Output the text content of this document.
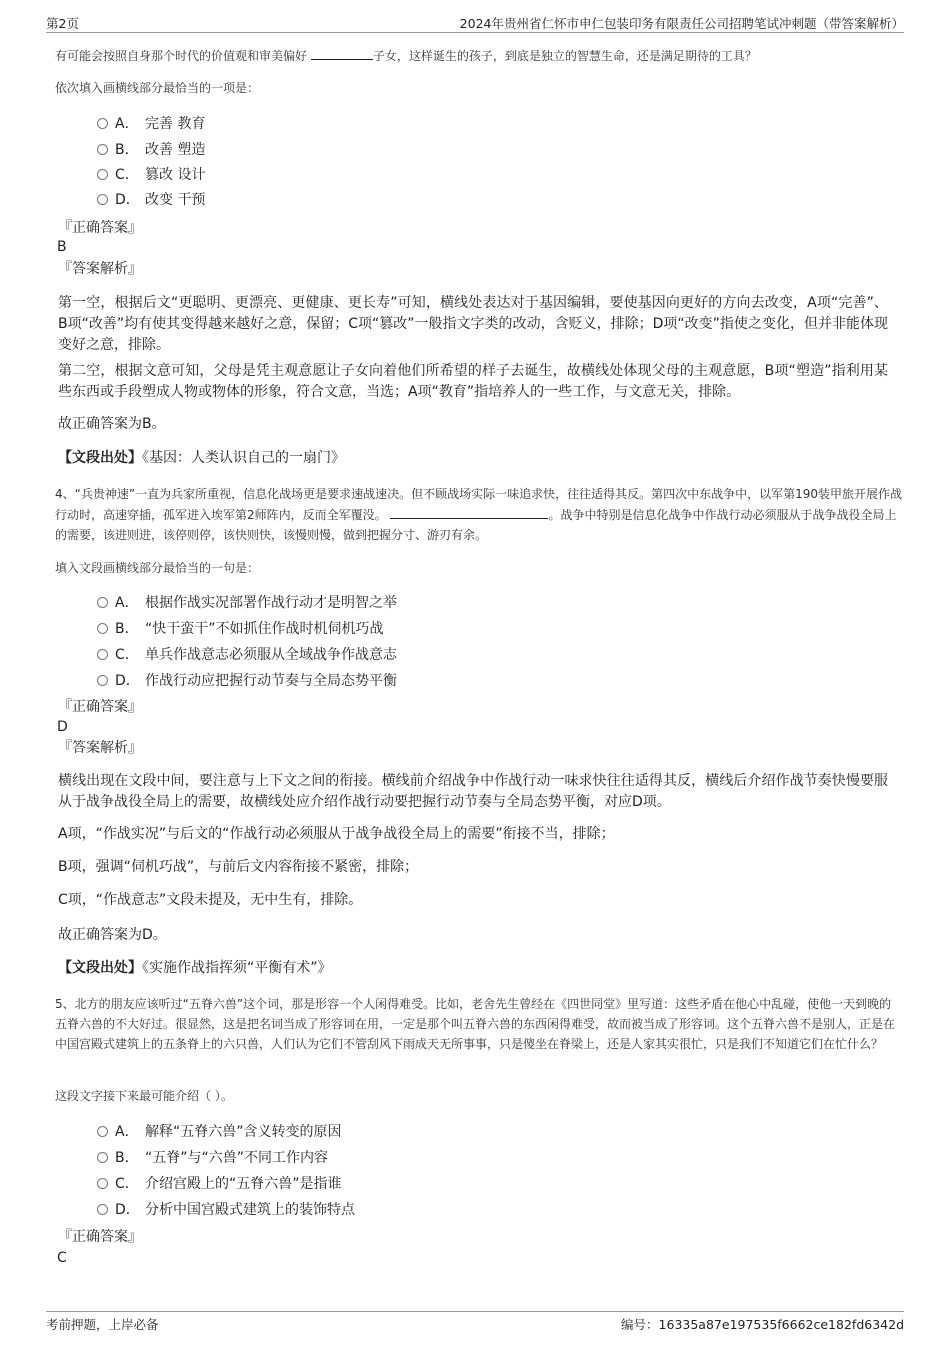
第2页	2024年贵州省仁怀市申仁包装印务有限责任公司招聘笔试冲刺题（带答案解析）
有可能会按照自身那个时代的价值观和审美偏好	子女，这样诞生的孩子，到底是独立的智慧生命，还是满足期待的工具？
依次填入画横线部分最恰当的一项是：
A． 完善 教育
B． 改善 塑造
C． 篡改 设计
D． 改变 干预
『正确答案』
B
『答案解析』
第一空，根据后文“更聪明、更漂亮、更健康、更长寿”可知，横线处表达对于基因编辑，要使基因向更好的方向去改变，A项“完善”、B项“改善”均有使其变得越来越好之意，保留；C项“篡改”一般指文字类的改动，含贬义，排除；D项“改变”指使之变化，但并非能体现变好之意，排除。
第二空，根据文意可知，父母是凭主观意愿让子女向着他们所希望的样子去诞生，故横线处体现父母的主观意愿，B项“塑造”指利用某些东西或手段塑成人物或物体的形象，符合文意，当选；A项“教育”指培养人的一些工作，与文意无关，排除。
故正确答案为B。
【文段出处】《基因：人类认识自己的一扇门》
4、“兵贵神速”一直为兵家所重视，信息化战场更是要求速战速决。但不顾战场实际一味追求快，往往适得其反。第四次中东战争中，以军第190装甲旅开展作战行动时，高速穿插，孤军进入埃军第2师阵内，反而全军覆没。	。战争中特别是信息化战争中作战行动必须服从于战争战役全局上的需要，该进则进，该停则停，该快则快，该慢则慢，做到把握分寸、游刃有余。
填入文段画横线部分最恰当的一句是：
A． 根据作战实况部署作战行动才是明智之举
B． “快干蛮干”不如抓住作战时机伺机巧战
C． 单兵作战意志必须服从全域战争作战意志
D． 作战行动应把握行动节奏与全局态势平衡
『正确答案』
D
『答案解析』
横线出现在文段中间，要注意与上下文之间的衔接。横线前介绍战争中作战行动一味求快往往适得其反，横线后介绍作战节奏快慢要服从于战争战役全局上的需要，故横线处应介绍作战行动要把握行动节奏与全局态势平衡，对应D项。
A项，“作战实况”与后文的“作战行动必须服从于战争战役全局上的需要”衔接不当，排除；
B项，强调“伺机巧战”，与前后文内容衔接不紧密，排除；
C项，“作战意志”文段未提及，无中生有，排除。
故正确答案为D。
【文段出处】《实施作战指挥须“平衡有术”》
5、北方的朋友应该听过“五脊六兽”这个词，那是形容一个人闲得难受。比如，老舍先生曾经在《四世同堂》里写道：这些矛盾在他心中乱碰，使他一天到晚的五脊六兽的不大好过。很显然，这是把名词当成了形容词在用，一定是那个叫五脊六兽的东西闲得难受，故而被当成了形容词。这个五脊六兽不是别人，正是在中国宫殿式建筑上的五条脊上的六只兽，人们认为它们不管刮风下雨成天无所事事，只是傻坐在脊梁上，还是人家其实很忙，只是我们不知道它们在忙什么？
这段文字接下来最可能介绍（ ）。
A． 解释“五脊六兽”含义转变的原因
B． “五脊”与“六兽”不同工作内容
C． 介绍宫殿上的“五脊六兽”是指谁
D． 分析中国宫殿式建筑上的装饰特点
『正确答案』
C
考前押题，上岸必备	编号：16335a87e197535f6662ce182fd6342d
